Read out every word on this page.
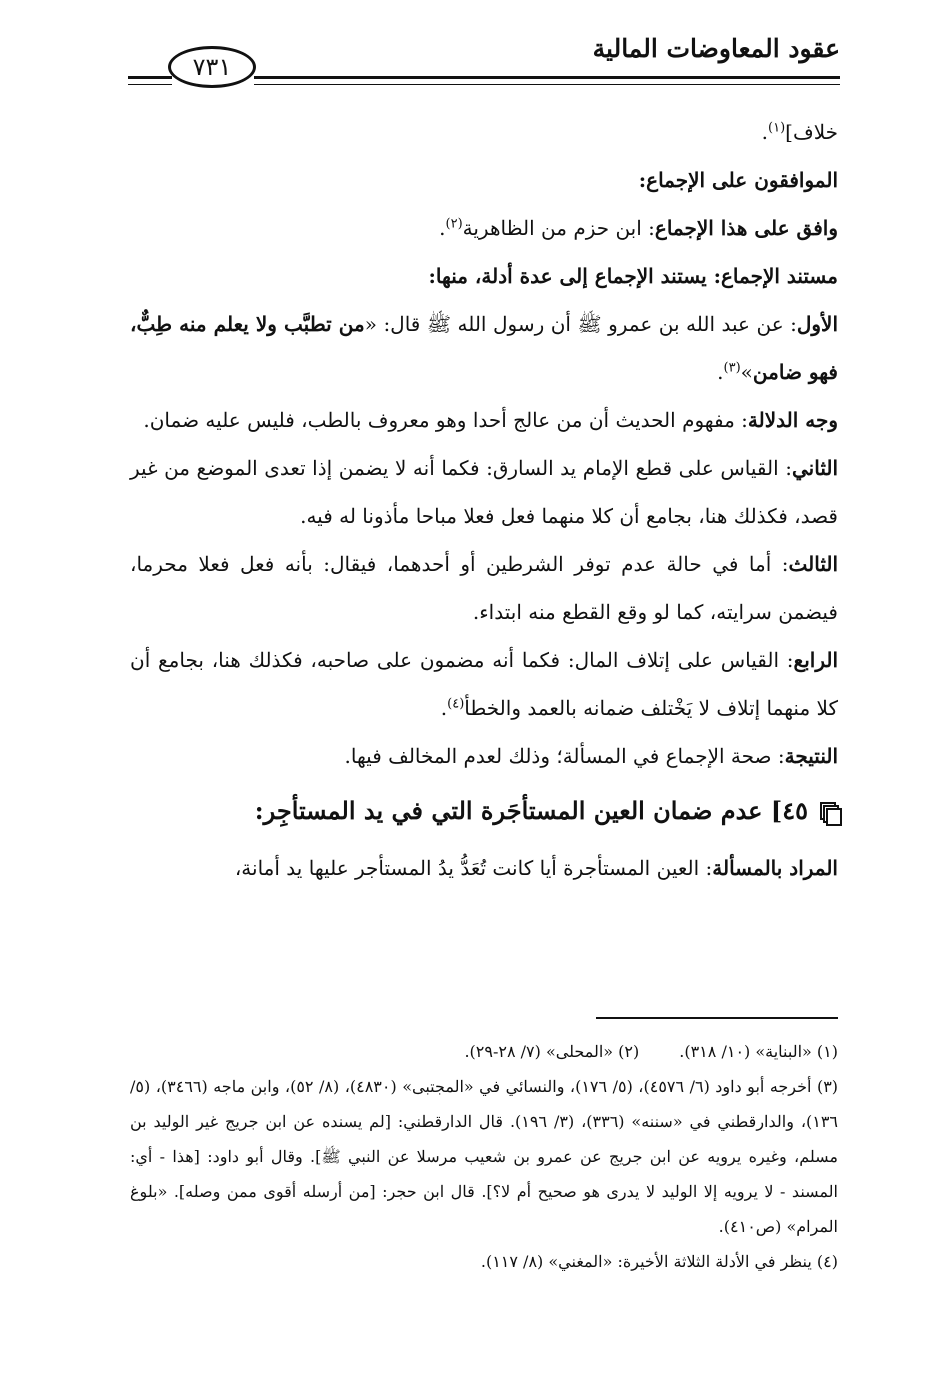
عقود المعاوضات المالية
٧٣١

خلاف]$^{(١)}$.

الموافقون على الإجماع:

وافق على هذا الإجماع: ابن حزم من الظاهرية$^{(٢)}$.

مستند الإجماع: يستند الإجماع إلى عدة أدلة، منها:

الأول: عن عبد الله بن عمرو ﷺ أن رسول الله ﷺ قال: «من تطبَّب ولا يعلم منه طِبٌّ، فهو ضامن»$^{(٣)}$.

وجه الدلالة: مفهوم الحديث أن من عالج أحدا وهو معروف بالطب، فليس عليه ضمان.

الثاني: القياس على قطع الإمام يد السارق: فكما أنه لا يضمن إذا تعدى الموضع من غير قصد، فكذلك هنا، بجامع أن كلا منهما فعل فعلا مباحا مأذونا له فيه.

الثالث: أما في حالة عدم توفر الشرطين أو أحدهما، فيقال: بأنه فعل فعلا محرما، فيضمن سرايته، كما لو وقع القطع منه ابتداء.

الرابع: القياس على إتلاف المال: فكما أنه مضمون على صاحبه، فكذلك هنا، بجامع أن كلا منهما إتلاف لا يَخْتلف ضمانه بالعمد والخطأ$^{(٤)}$.

النتيجة: صحة الإجماع في المسألة؛ وذلك لعدم المخالف فيها.

٤٥] عدم ضمان العين المستأجَرة التي في يد المستأجِر:

المراد بالمسألة: العين المستأجرة أيا كانت تُعَدُّ يدُ المستأجر عليها يد أمانة،

(١) «البناية» (١٠/ ٣١٨).

(٢) «المحلى» (٧/ ٢٨-٢٩).

(٣) أخرجه أبو داود (٦/ ٤٥٧٦)، (٥/ ١٧٦)، والنسائي في «المجتبى» (٤٨٣٠)، (٨/ ٥٢)، وابن ماجه (٣٤٦٦)، (٥/ ١٣٦)، والدارقطني في «سننه» (٣٣٦)، (٣/ ١٩٦). قال الدارقطني: [لم يسنده عن ابن جريج غير الوليد بن مسلم، وغيره يرويه عن ابن جريج عن عمرو بن شعيب مرسلا عن النبي ﷺ]. وقال أبو داود: [هذا - أي: المسند - لا يرويه إلا الوليد لا يدرى هو صحيح أم لا؟]. قال ابن حجر: [من أرسله أقوى ممن وصله]. «بلوغ المرام» (ص٤١٠).

(٤) ينظر في الأدلة الثلاثة الأخيرة: «المغني» (٨/ ١١٧).
